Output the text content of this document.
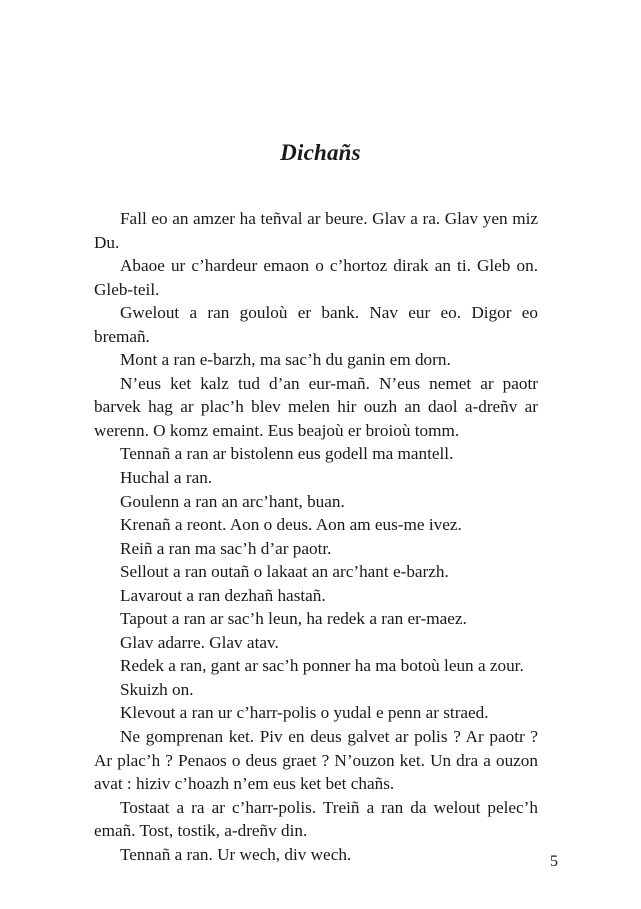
Dichañs

Fall eo an amzer ha teñval ar beure. Glav a ra. Glav yen miz Du.

Abaoe ur c’hardeur emaon o c’hortoz dirak an ti. Gleb on. Gleb-teil.

Gwelout a ran gouloù er bank. Nav eur eo. Digor eo bremañ.

Mont a ran e-barzh, ma sac’h du ganin em dorn.

N’eus ket kalz tud d’an eur-mañ. N’eus nemet ar paotr barvek hag ar plac’h blev melen hir ouzh an daol a-dreñv ar werenn. O komz emaint. Eus beajoù er broioù tomm.

Tennañ a ran ar bistolenn eus godell ma mantell.

Huchal a ran.

Goulenn a ran an arc’hant, buan.

Krenañ a reont. Aon o deus. Aon am eus-me ivez.

Reiñ a ran ma sac’h d’ar paotr.

Sellout a ran outañ o lakaat an arc’hant e-barzh.

Lavarout a ran dezhañ hastañ.

Tapout a ran ar sac’h leun, ha redek a ran er-maez.

Glav adarre. Glav atav.

Redek a ran, gant ar sac’h ponner ha ma botoù leun a zour.

Skuizh on.

Klevout a ran ur c’harr-polis o yudal e penn ar straed.

Ne gomprenan ket. Piv en deus galvet ar polis ? Ar paotr ? Ar plac’h ? Penaos o deus graet ? N’ouzon ket. Un dra a ouzon avat : hiziv c’hoazh n’em eus ket bet chañs.

Tostaat a ra ar c’harr-polis. Treiñ a ran da welout pelec’h emañ. Tost, tostik, a-dreñv din.

Tennañ a ran. Ur wech, div wech.	5
